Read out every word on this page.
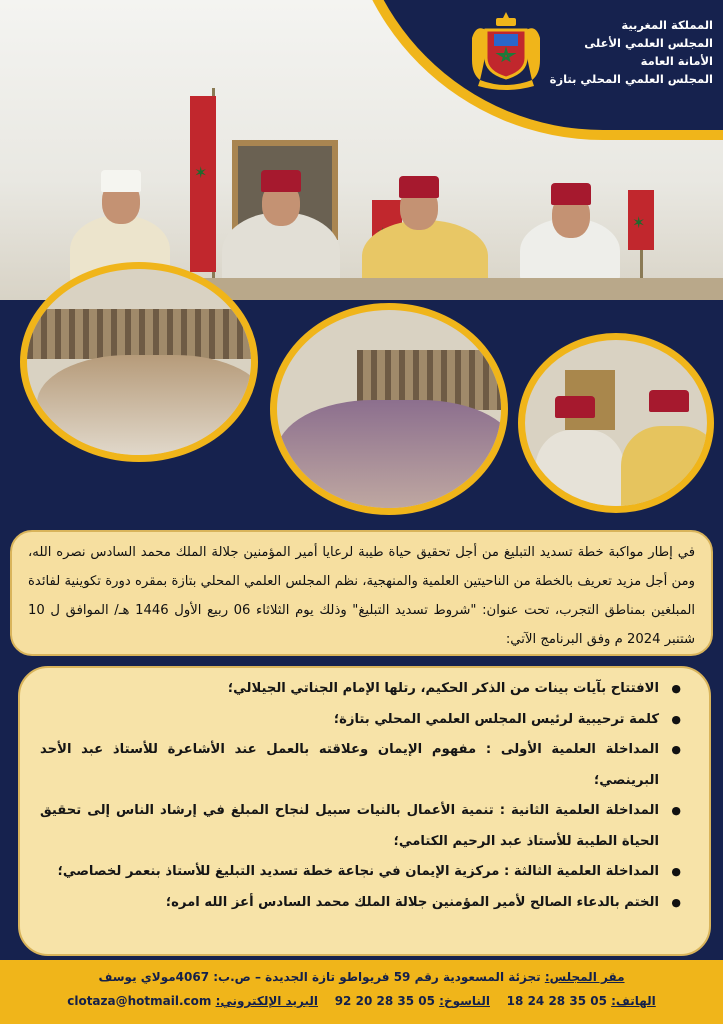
✶
✶
✶
المملكة المغربية
المجلس العلمي الأعلى
الأمانة العامة
المجلس العلمي المحلي بتازة
في إطار مواكبة خطة تسديد التبليغ من أجل تحقيق حياة طيبة لرعايا أمير المؤمنين جلالة الملك محمد السادس نصره الله، ومن أجل مزيد تعريف بالخطة من الناحيتين العلمية والمنهجية، نظم المجلس العلمي المحلي بتازة بمقره دورة تكوينية لفائدة المبلغين بمناطق التجرب، تحت عنوان: "شروط تسديد التبليغ" وذلك يوم الثلاثاء 06 ربيع الأول 1446 هـ/ الموافق ل 10 شتنبر 2024 م وفق البرنامج الآتي:
● الافتتاح بآيات بينات من الذكر الحكيم، رتلها الإمام الجناتي الجيلالي؛
● كلمة ترحيبية لرئيس المجلس العلمي المحلي بتازة؛
● المداخلة العلمية الأولى : مفهوم الإيمان وعلاقته بالعمل عند الأشاعرة للأستاذ عبد الأحد البرينصي؛
● المداخلة العلمية الثانية : تنمية الأعمال بالنيات سبيل لنجاح المبلغ في إرشاد الناس إلى تحقيق الحياة الطيبة للأستاذ عبد الرحيم الكتامي؛
● المداخلة العلمية الثالثة : مركزية الإيمان في نجاعة خطة تسديد التبليغ للأستاذ بنعمر لخصاصي؛
● الختم بالدعاء الصالح لأمير المؤمنين جلالة الملك محمد السادس أعز الله امره؛
مقر المجلس: تجزئة المسعودية رقم 59 فريواطو تازة الجديدة – ص.ب: 4067مولاي يوسف
الهاتف: 05 35 28 24 18    الناسوخ: 05 35 28 20 92    البريد الإلكتروني: clotaza@hotmail.com
